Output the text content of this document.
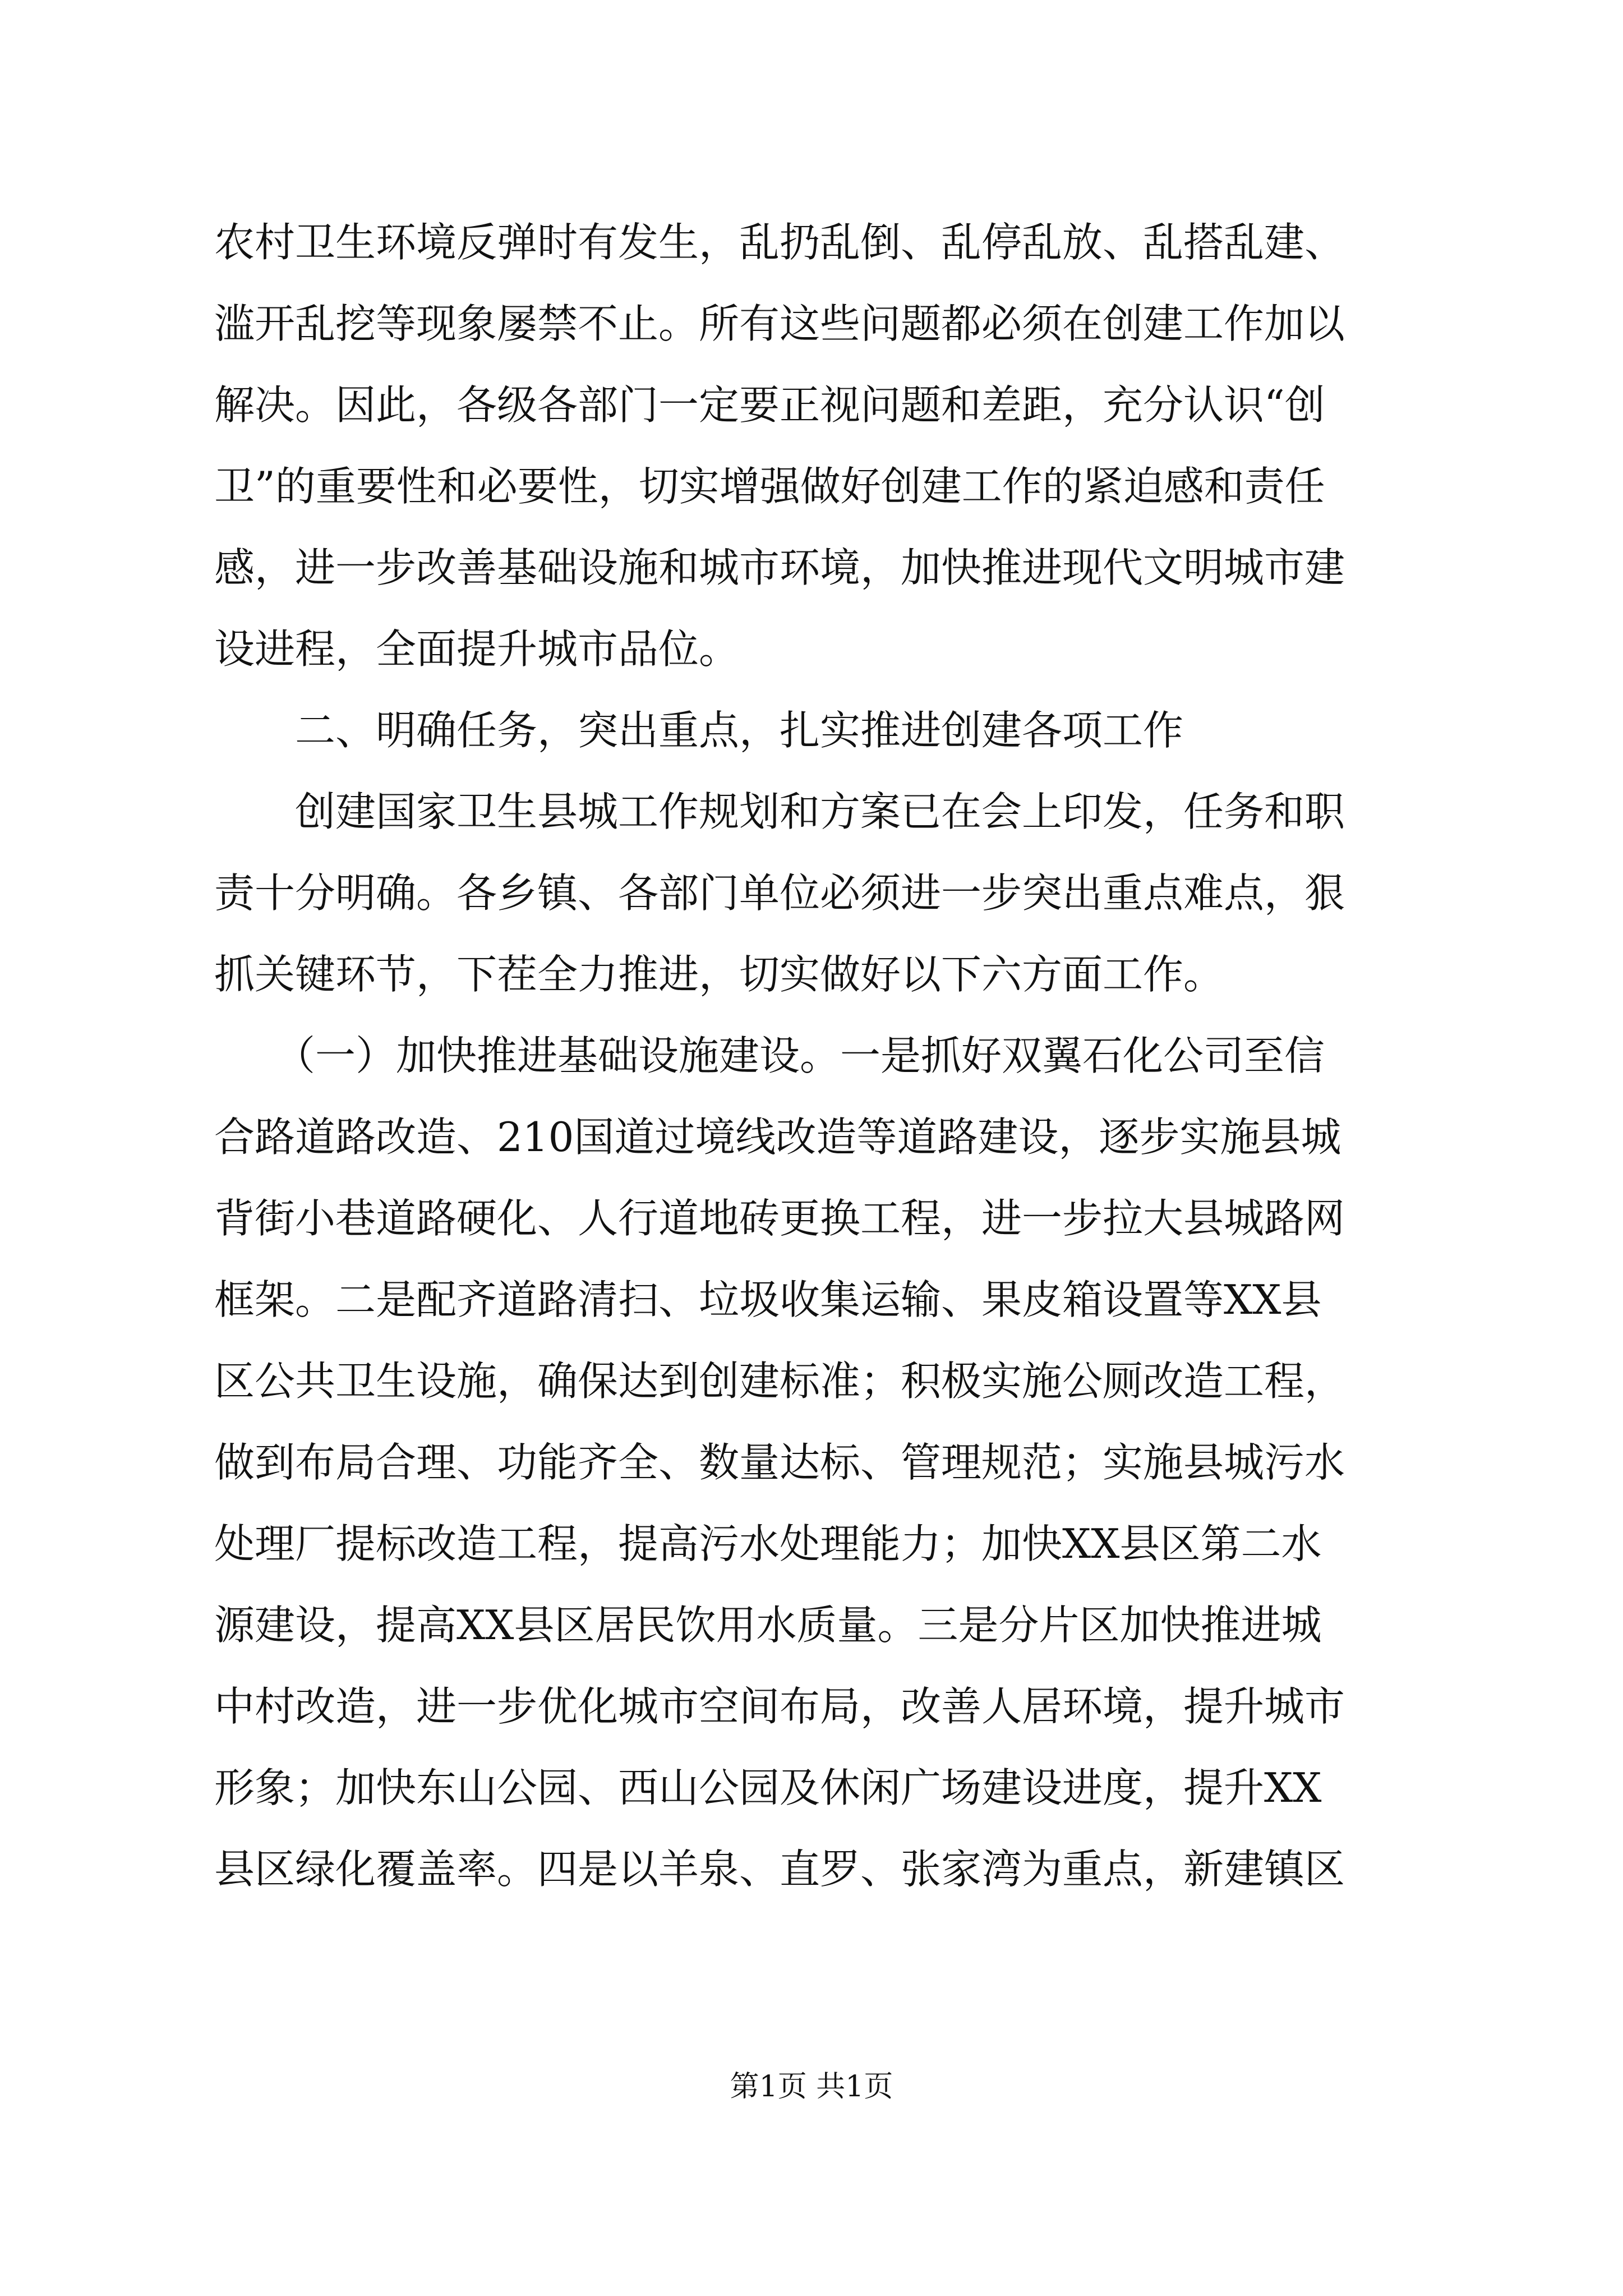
农村卫生环境反弹时有发生，乱扔乱倒、乱停乱放、乱搭乱建、
滥开乱挖等现象屡禁不止。所有这些问题都必须在创建工作加以
解决。因此，各级各部门一定要正视问题和差距，充分认识“创
卫”的重要性和必要性，切实增强做好创建工作的紧迫感和责任
感，进一步改善基础设施和城市环境，加快推进现代文明城市建
设进程，全面提升城市品位。
　　二、明确任务，突出重点，扎实推进创建各项工作
　　创建国家卫生县城工作规划和方案已在会上印发，任务和职
责十分明确。各乡镇、各部门单位必须进一步突出重点难点，狠
抓关键环节，下茬全力推进，切实做好以下六方面工作。
　　（一）加快推进基础设施建设。一是抓好双翼石化公司至信
合路道路改造、210国道过境线改造等道路建设，逐步实施县城
背街小巷道路硬化、人行道地砖更换工程，进一步拉大县城路网
框架。二是配齐道路清扫、垃圾收集运输、果皮箱设置等XX县
区公共卫生设施，确保达到创建标准；积极实施公厕改造工程，
做到布局合理、功能齐全、数量达标、管理规范；实施县城污水
处理厂提标改造工程，提高污水处理能力；加快XX县区第二水
源建设，提高XX县区居民饮用水质量。三是分片区加快推进城
中村改造，进一步优化城市空间布局，改善人居环境，提升城市
形象；加快东山公园、西山公园及休闲广场建设进度，提升XX
县区绿化覆盖率。四是以羊泉、直罗、张家湾为重点，新建镇区
第1页 共1页
